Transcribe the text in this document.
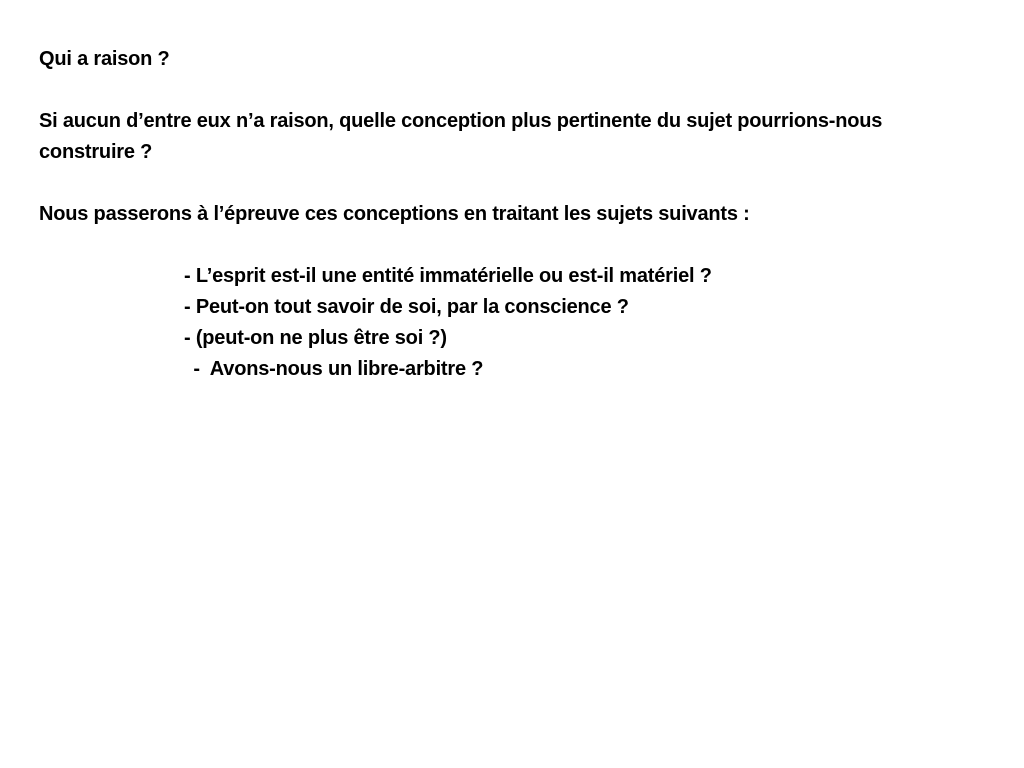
Qui a raison ?

Si aucun d’entre eux n’a raison, quelle conception plus pertinente du sujet pourrions-nous

construire ?

Nous passerons à l’épreuve ces conceptions en traitant les sujets suivants :

- L’esprit est-il une entité immatérielle ou est-il matériel ?
- Peut-on tout savoir de soi, par la conscience ?
- (peut-on ne plus être soi ?)
-  Avons-nous un libre-arbitre ?
